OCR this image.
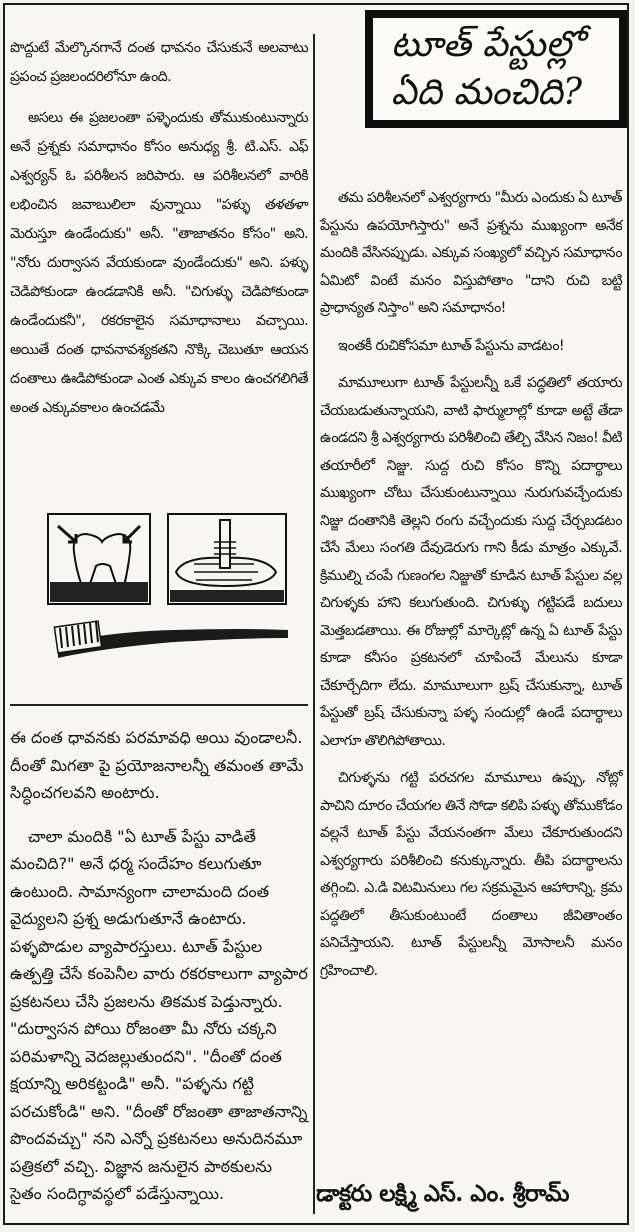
టూత్ పేస్టుల్లో
ఏది మంచిది?

పొద్దుటే మేల్కొనగానే దంత ధావనం చేసుకునే అలవాటు ప్రపంచ ప్రజలందరిలోనూ ఉంది.

అసలు ఈ ప్రజలంతా పళ్ళెందుకు తోముకుంటున్నారు అనే ప్రశ్నకు సమాధానం కోసం అనుధ్య శ్రీ. టి.ఎస్. ఎఫ్ ఎశ్వర్యన్ ఓ పరిశీలన జరిపారు. ఆ పరిశీలనలో వారికి లభించిన జవాబులిలా వున్నాయి "పళ్ళు తళతళా మెరుస్తూ ఉండేందుకు" అనీ. "తాజాతనం కోసం" అని. "నోరు దుర్వాసన వేయకుండా వుండేందుకు" అని. పళ్ళు చెడిపోకుండా ఉండడానికి అనీ. "చిగుళ్ళు చెడిపోకుండా ఉండేందుకనీ", రకరకాలైన సమాధానాలు వచ్చాయి. అయితే దంత ధావనావశ్యకతని నొక్కి చెబుతూ ఆయన దంతాలు ఊడిపోకుండా ఎంత ఎక్కువ కాలం ఉంచగలిగితే అంత ఎక్కువకాలం ఉంచడమే

ఈ దంత ధావనకు పరమావధి అయి వుండాలనీ. దీంతో మిగతా పై ప్రయోజనాలన్నీ తమంత తామే సిద్ధించగలవని అంటారు.

చాలా మందికి "ఏ టూత్ పేస్టు వాడితే మంచిది?" అనే ధర్మ సందేహం కలుగుతూ ఉంటుంది. సామాన్యంగా చాలామంది దంత వైద్యులని ప్రశ్న అడుగుతూనే ఉంటారు. పళ్ళపొడుల వ్యాపారస్తులు. టూత్ పేస్టుల ఉత్పత్తి చేసే కంపెనీల వారు రకరకాలుగా వ్యాపార ప్రకటనలు చేసి ప్రజలను తికమక పెడ్తున్నారు. "దుర్వాసన పోయి రోజంతా మీ నోరు చక్కని పరిమళాన్ని వెదజల్లుతుందని". "దీంతో దంత క్షయాన్ని అరికట్టండి" అనీ. "పళ్ళను గట్టి పరచుకోండి" అని. "దీంతో రోజంతా తాజాతనాన్ని పొందవచ్చు" నని ఎన్నో ప్రకటనలు అనుదినమూ పత్రికలో వచ్చి. విజ్ఞాన జనులైన పాఠకులను సైతం సందిగ్ధావస్థలో పడేస్తున్నాయి.

తమ పరిశీలనలో ఎశ్వర్యగారు "మీరు ఎందుకు ఏ టూత్ పేస్టును ఉపయోగిస్తారు" అనే ప్రశ్నను ముఖ్యంగా అనేక మందికి వేసినప్పుడు. ఎక్కువ సంఖ్యలో వచ్చిన సమాధానం ఏమిటో వింటే మనం విస్తుపోతాం "దాని రుచి బట్టి ప్రాధాన్యత నిస్తాం" అని సమాధానం!

ఇంతకీ రుచికోసమా టూత్ పేస్టును వాడటం!

మామూలుగా టూత్ పేస్టులన్నీ ఒకే పద్ధతిలో తయారు చేయబడుతున్నాయని, వాటి ఫార్ములాల్లో కూడా అట్టే తేడా ఉండదని శ్రీ ఎశ్వర్యగారు పరిశీలించి తేల్చి వేసిన నిజం! వీటి తయారీలో నిజ్జు. సుద్ద రుచి కోసం కొన్ని పదార్థాలు ముఖ్యంగా చోటు చేసుకుంటున్నాయి నురుగువచ్చేందుకు నిజ్జు దంతానికి తెల్లని రంగు వచ్చేందుకు సుద్ద చేర్చబడటం చేసే మేలు సంగతి దేవుడెరుగు గాని కీడు మాత్రం ఎక్కువే. క్రిముల్ని చంపే గుణంగల నిజ్జుతో కూడిన టూత్ పేస్టుల వల్ల చిగుళ్ళకు హాని కలుగుతుంది. చిగుళ్ళు గట్టిపడే బదులు మెత్తబడతాయి. ఈ రోజుల్లో మార్కెట్లో ఉన్న ఏ టూత్ పేస్టు కూడా కనీసం ప్రకటనలో చూపించే మేలును కూడా చేకూర్చేదిగా లేదు. మామూలుగా బ్రష్ చేసుకున్నా, టూత్ పేస్టుతో బ్రష్ చేసుకున్నా పళ్ళ సందుల్లో ఉండే పదార్థాలు ఎలాగూ తొలిగిపోతాయి.

చిగుళ్ళను గట్టి పరచగల మామూలు ఉప్పు, నోట్లో పాచిని దూరం చేయగల తినే సోడా కలిపి పళ్ళు తోముకోడం వల్లనే టూత్ పేస్టు వేయనంతగా మేలు చేకూరుతుందని ఎశ్వర్యగారు పరిశీలించి కనుక్కున్నారు. తీపి పదార్థాలను తగ్గించి. ఎ.డి విటమినులు గల సక్రమమైన ఆహారాన్ని. క్రమ పద్ధతిలో తీసుకుంటుంటే దంతాలు జీవితాంతం పనిచేస్తాయని. టూత్ పేస్టులన్నీ మోసాలనీ మనం గ్రహించాలి.

డాక్టరు లక్ష్మి ఎస్. ఎం. శ్రీరామ్
